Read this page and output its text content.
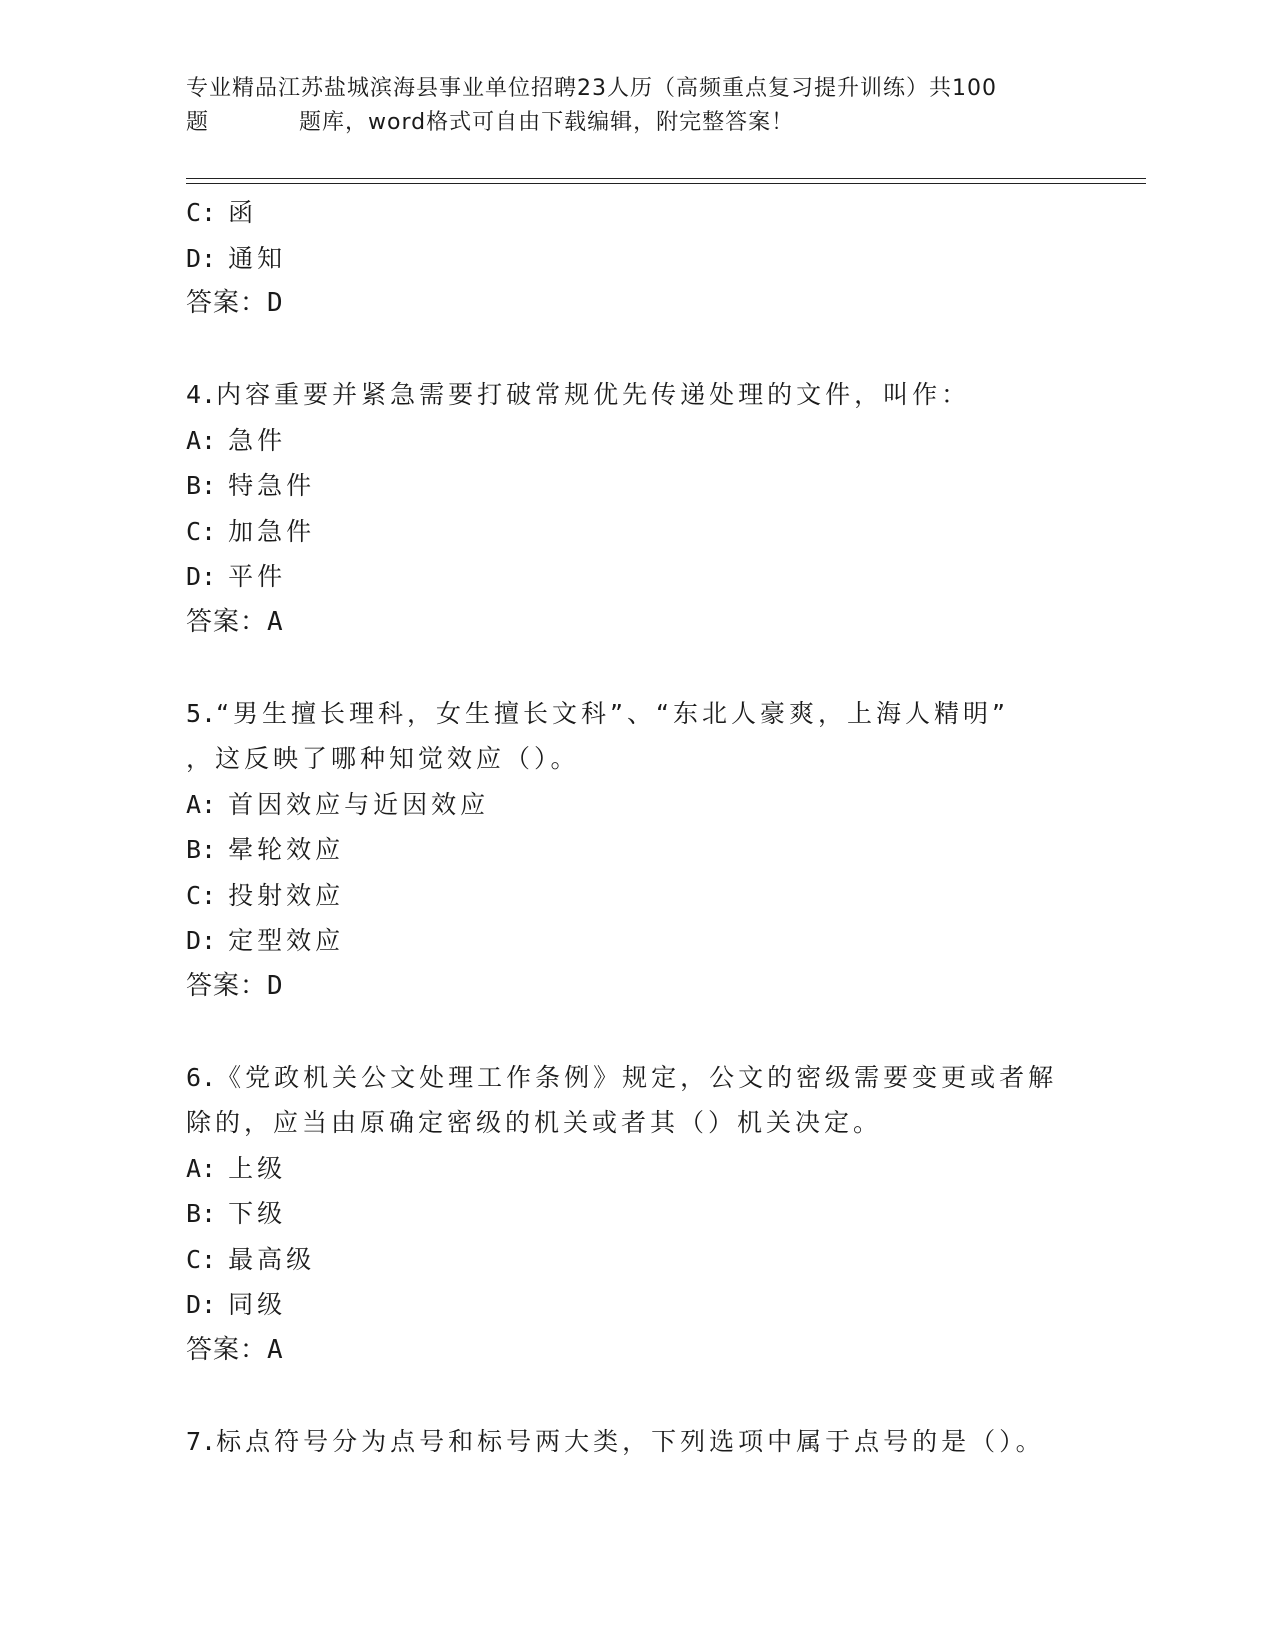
专业精品江苏盐城滨海县事业单位招聘23人历（高频重点复习提升训练）共100
题	题库，word格式可自由下载编辑，附完整答案！
C: 函
D: 通知
答案：D
4.内容重要并紧急需要打破常规优先传递处理的文件，叫作：
A: 急件
B: 特急件
C: 加急件
D: 平件
答案：A
5.“男生擅长理科，女生擅长文科”、“东北人豪爽，上海人精明”
，这反映了哪种知觉效应（）。
A: 首因效应与近因效应
B: 晕轮效应
C: 投射效应
D: 定型效应
答案：D
6.《党政机关公文处理工作条例》规定，公文的密级需要变更或者解
除的，应当由原确定密级的机关或者其（）机关决定。
A: 上级
B: 下级
C: 最高级
D: 同级
答案：A
7.标点符号分为点号和标号两大类，下列选项中属于点号的是（）。
